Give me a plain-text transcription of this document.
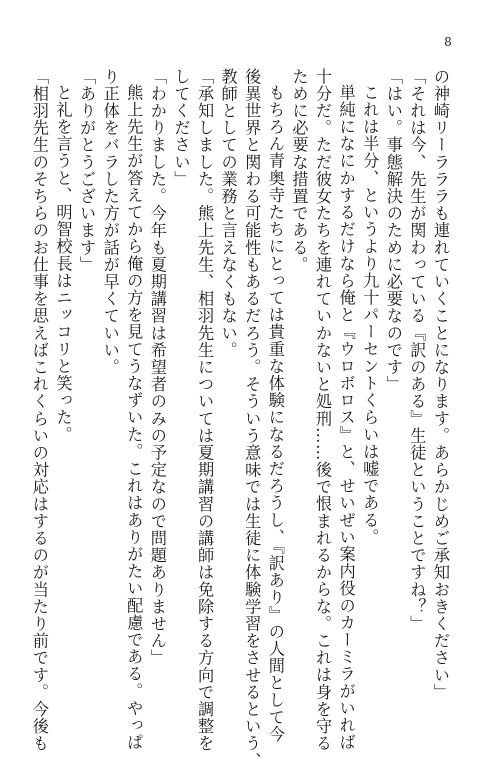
8

の神崎リーラララも連れていくことになります。あらかじめご承知おきください」

「それは今、先生が関わっている『訳のある』生徒ということですね？」

「はい。事態解決のために必要なのです」

これは半分、というより九十パーセントくらいは嘘である。

単純になにかするだけなら俺と『ウロボロス』と、せいぜい案内役のカーミラがいれば

十分だ。ただ彼女たちを連れていかないと処刑……後で恨まれるからな。これは身を守る

ために必要な措置である。

もちろん青奥寺たちにとっては貴重な体験になるだろうし、『訳あり』の人間として今

後異世界と関わる可能性もあるだろう。そういう意味では生徒に体験学習をさせるという、

教師としての業務と言えなくもない。

「承知しました。熊上先生、相羽先生については夏期講習の講師は免除する方向で調整を

してください」

「わかりました。今年も夏期講習は希望者のみの予定なので問題ありません」

熊上先生が答えてから俺の方を見てうなずいた。これはありがたい配慮である。やっぱ

り正体をバラした方が話が早くていい。

「ありがとうございます」

と礼を言うと、明智校長はニッコリと笑った。

「相羽先生のそちらのお仕事を思えばこれくらいの対応はするのが当たり前です。今後も
